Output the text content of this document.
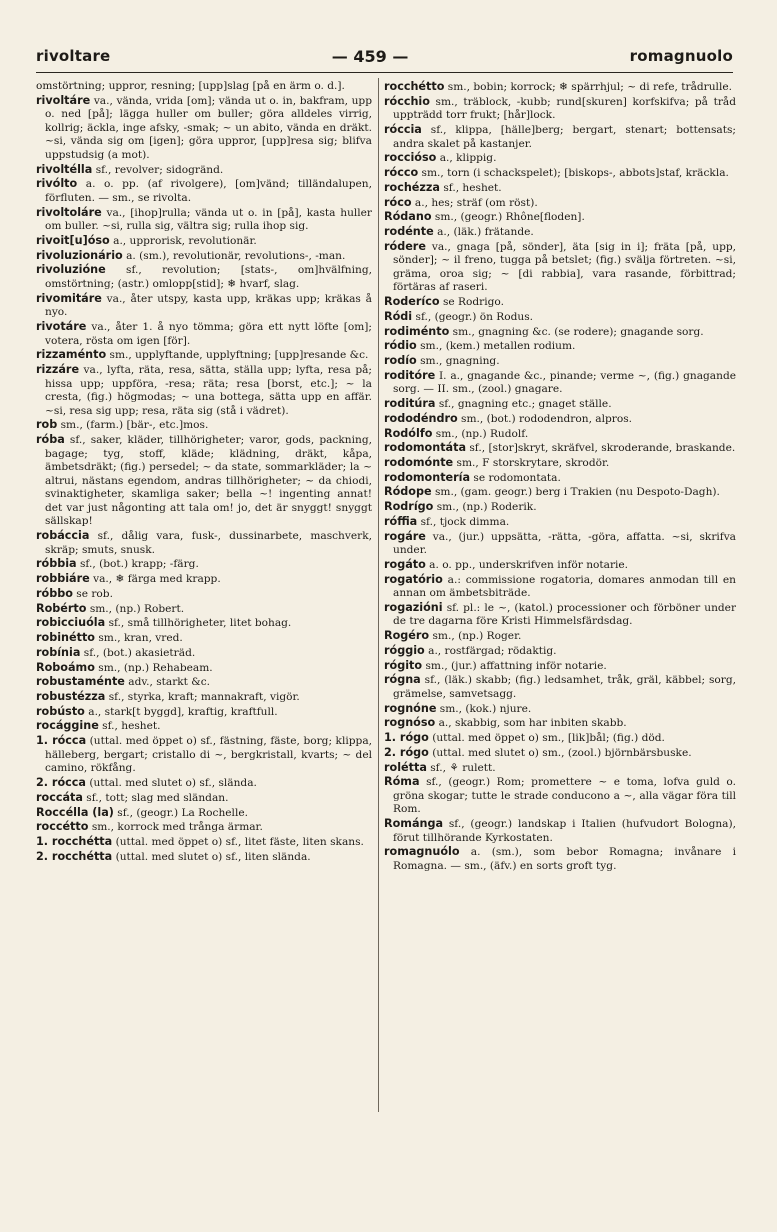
rivoltare	— 459 —	romagnuolo

omstörtning; uppror, resning; [upp]slag [på en ärm o. d.].

rivoltáre va., vända, vrida [om]; vända ut o. in, bakfram, upp o. ned [på]; lägga huller om buller; göra alldeles virrig, kollrig; äckla, inge afsky, -smak; ~ un abito, vända en dräkt. ~si, vända sig om [igen]; göra uppror, [upp]resa sig; blifva uppstudsig (a mot).

rivoltélla sf., revolver; sidogränd.

rivólto a. o. pp. (af rivolgere), [om]vänd; tilländalupen, förfluten. — sm., se rivolta.

rivoltoláre va., [ihop]rulla; vända ut o. in [på], kasta huller om buller. ~si, rulla sig, vältra sig; rulla ihop sig.

rivoit[u]óso a., upprorisk, revolutionär.

rivoluzionário a. (sm.), revolutionär, revolutions-, -man.

rivoluzióne sf., revolution; [stats-, om]hvälfning, omstörtning; (astr.) omlopp[stid]; ❄ hvarf, slag.

rivomitáre va., åter utspy, kasta upp, kräkas upp; kräkas å nyo.

rivotáre va., åter 1. å nyo tömma; göra ett nytt löfte [om]; votera, rösta om igen [för].

rizzaménto sm., upplyftande, upplyftning; [upp]resande &c.

rizzáre va., lyfta, räta, resa, sätta, ställa upp; lyfta, resa på; hissa upp; uppföra, -resa; räta; resa [borst, etc.]; ~ la cresta, (fig.) högmodas; ~ una bottega, sätta upp en affär. ~si, resa sig upp; resa, räta sig (stå i vädret).

rob sm., (farm.) [bär-, etc.]mos.

róba sf., saker, kläder, tillhörigheter; varor, gods, packning, bagage; tyg, stoff, kläde; klädning, dräkt, kåpa, ämbetsdräkt; (fig.) persedel; ~ da state, sommarkläder; la ~ altrui, nästans egendom, andras tillhörigheter; ~ da chiodi, svinaktigheter, skamliga saker; bella ~! ingenting annat! det var just någonting att tala om! jo, det är snyggt! snyggt sällskap!

robáccia sf., dålig vara, fusk-, dussinarbete, maschverk, skräp; smuts, snusk.

róbbia sf., (bot.) krapp; -färg.

robbiáre va., ❄ färga med krapp.

róbbo se rob.

Robérto sm., (np.) Robert.

robicciuóla sf., små tillhörigheter, litet bohag.

robinétto sm., kran, vred.

robínia sf., (bot.) akasieträd.

Roboámo sm., (np.) Rehabeam.

robustaménte adv., starkt &c.

robustézza sf., styrka, kraft; mannakraft, vigör.

robústo a., stark[t byggd], kraftig, kraftfull.

rocággine sf., heshet.

1. rócca (uttal. med öppet o) sf., fästning, fäste, borg; klippa, hälleberg, bergart; cristallo di ~, bergkristall, kvarts; ~ del camino, rökfång.

2. rócca (uttal. med slutet o) sf., slända.

roccáta sf., tott; slag med sländan.

Roccélla (la) sf., (geogr.) La Rochelle.

roccétto sm., korrock med trånga ärmar.

1. rocchétta (uttal. med öppet o) sf., litet fäste, liten skans.

2. rocchétta (uttal. med slutet o) sf., liten slända.

rocchétto sm., bobin; korrock; ❄ spärrhjul; ~ di refe, trådrulle.

rócchio sm., träblock, -kubb; rund[skuren] korfskifva; på tråd uppträdd torr frukt; [hår]lock.

róccia sf., klippa, [hälle]berg; bergart, stenart; bottensats; andra skalet på kastanjer.

roccióso a., klippig.

rócco sm., torn (i schackspelet); [biskops-, abbots]staf, kräckla.

rochézza sf., heshet.

róco a., hes; sträf (om röst).

Ródano sm., (geogr.) Rhône[floden].

rodénte a., (läk.) frätande.

ródere va., gnaga [på, sönder], äta [sig in i]; fräta [på, upp, sönder]; ~ il freno, tugga på betslet; (fig.) svälja förtreten. ~si, gräma, oroa sig; ~ [di rabbia], vara rasande, förbittrad; förtäras af raseri.

Roderíco se Rodrigo.

Ródi sf., (geogr.) ön Rodus.

rodiménto sm., gnagning &c. (se rodere); gnagande sorg.

ródio sm., (kem.) metallen rodium.

rodío sm., gnagning.

roditóre I. a., gnagande &c., pinande; verme ~, (fig.) gnagande sorg. — II. sm., (zool.) gnagare.

roditúra sf., gnagning etc.; gnaget ställe.

rododéndro sm., (bot.) rododendron, alpros.

Rodólfo sm., (np.) Rudolf.

rodomontáta sf., [stor]skryt, skräfvel, skroderande, braskande.

rodomónte sm., F storskrytare, skrodör.

rodomontería se rodomontata.

Ródope sm., (gam. geogr.) berg i Trakien (nu Despoto-Dagh).

Rodrígo sm., (np.) Roderik.

róffia sf., tjock dimma.

rogáre va., (jur.) uppsätta, -rätta, -göra, affatta. ~si, skrifva under.

rogáto a. o. pp., underskrifven inför notarie.

rogatório a.: commissione rogatoria, domares anmodan till en annan om ämbetsbiträde.

rogazióni sf. pl.: le ~, (katol.) processioner och förböner under de tre dagarna före Kristi Himmelsfärdsdag.

Rogéro sm., (np.) Roger.

róggio a., rostfärgad; rödaktig.

rógito sm., (jur.) affattning inför notarie.

rógna sf., (läk.) skabb; (fig.) ledsamhet, tråk, gräl, käbbel; sorg, grämelse, samvetsagg.

rognóne sm., (kok.) njure.

rognóso a., skabbig, som har inbiten skabb.

1. rógo (uttal. med öppet o) sm., [lik]bål; (fig.) död.

2. rógo (uttal. med slutet o) sm., (zool.) björnbärsbuske.

roléttа sf., ⚘ rulett.

Róma sf., (geogr.) Rom; promettere ~ e toma, lofva guld o. gröna skogar; tutte le strade conducono a ~, alla vägar föra till Rom.

Románga sf., (geogr.) landskap i Italien (hufvudort Bologna), förut tillhörande Kyrkostaten.

romagnuólo a. (sm.), som bebor Romagna; invånare i Romagna. — sm., (äfv.) en sorts groft tyg.
